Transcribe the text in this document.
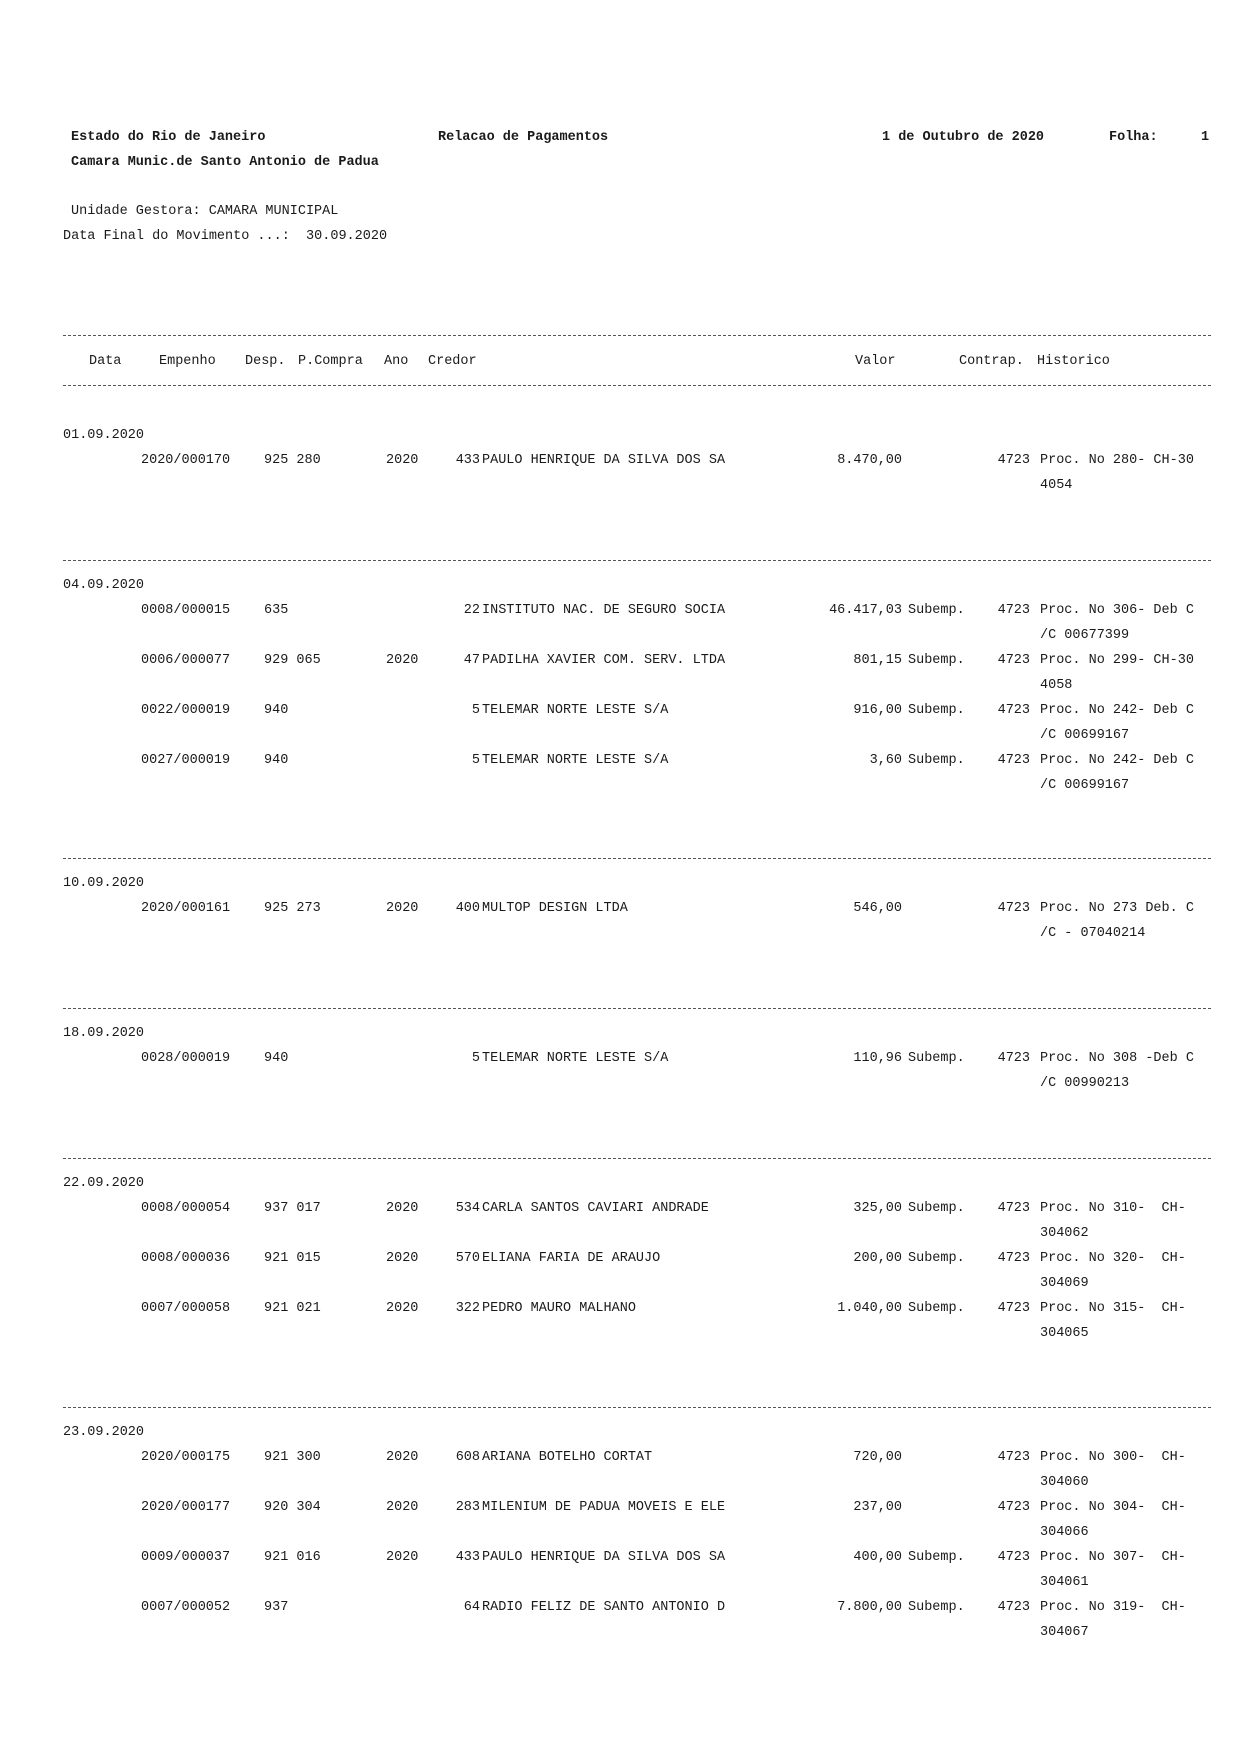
Estado do Rio de Janeiro	Relacao de Pagamentos	1 de Outubro de 2020	Folha:	1
Camara Munic.de Santo Antonio de Padua
Unidade Gestora: CAMARA MUNICIPAL
Data Final do Movimento ...:  30.09.2020
Data	Empenho Desp. P.Compra Ano Credor	Valor	Contrap. Historico
01.09.2020
2020/000170	925 280	2020	433 PAULO HENRIQUE DA SILVA DOS SA	8.470,00	4723 Proc. No 280- CH-30
4054
04.09.2020
0008/000015	635	22 INSTITUTO NAC. DE SEGURO SOCIA	46.417,03 Subemp.	4723 Proc. No 306- Deb C
/C 00677399
0006/000077	929 065	2020	47 PADILHA XAVIER COM. SERV. LTDA	801,15 Subemp.	4723 Proc. No 299- CH-30
4058
0022/000019	940	5 TELEMAR NORTE LESTE S/A	916,00 Subemp.	4723 Proc. No 242- Deb C
/C 00699167
0027/000019	940	5 TELEMAR NORTE LESTE S/A	3,60 Subemp.	4723 Proc. No 242- Deb C
/C 00699167
10.09.2020
2020/000161	925 273	2020	400 MULTOP DESIGN LTDA	546,00	4723 Proc. No 273 Deb. C
/C - 07040214
18.09.2020
0028/000019	940	5 TELEMAR NORTE LESTE S/A	110,96 Subemp.	4723 Proc. No 308 -Deb C
/C 00990213
22.09.2020
0008/000054	937 017	2020	534 CARLA SANTOS CAVIARI ANDRADE	325,00 Subemp.	4723 Proc. No 310-  CH-
304062
0008/000036	921 015	2020	570 ELIANA FARIA DE ARAUJO	200,00 Subemp.	4723 Proc. No 320-  CH-
304069
0007/000058	921 021	2020	322 PEDRO MAURO MALHANO	1.040,00 Subemp.	4723 Proc. No 315-  CH-
304065
23.09.2020
2020/000175	921 300	2020	608 ARIANA BOTELHO CORTAT	720,00	4723 Proc. No 300-  CH-
304060
2020/000177	920 304	2020	283 MILENIUM DE PADUA MOVEIS E ELE	237,00	4723 Proc. No 304-  CH-
304066
0009/000037	921 016	2020	433 PAULO HENRIQUE DA SILVA DOS SA	400,00 Subemp.	4723 Proc. No 307-  CH-
304061
0007/000052	937	64 RADIO FELIZ DE SANTO ANTONIO D	7.800,00 Subemp.	4723 Proc. No 319-  CH-
304067
